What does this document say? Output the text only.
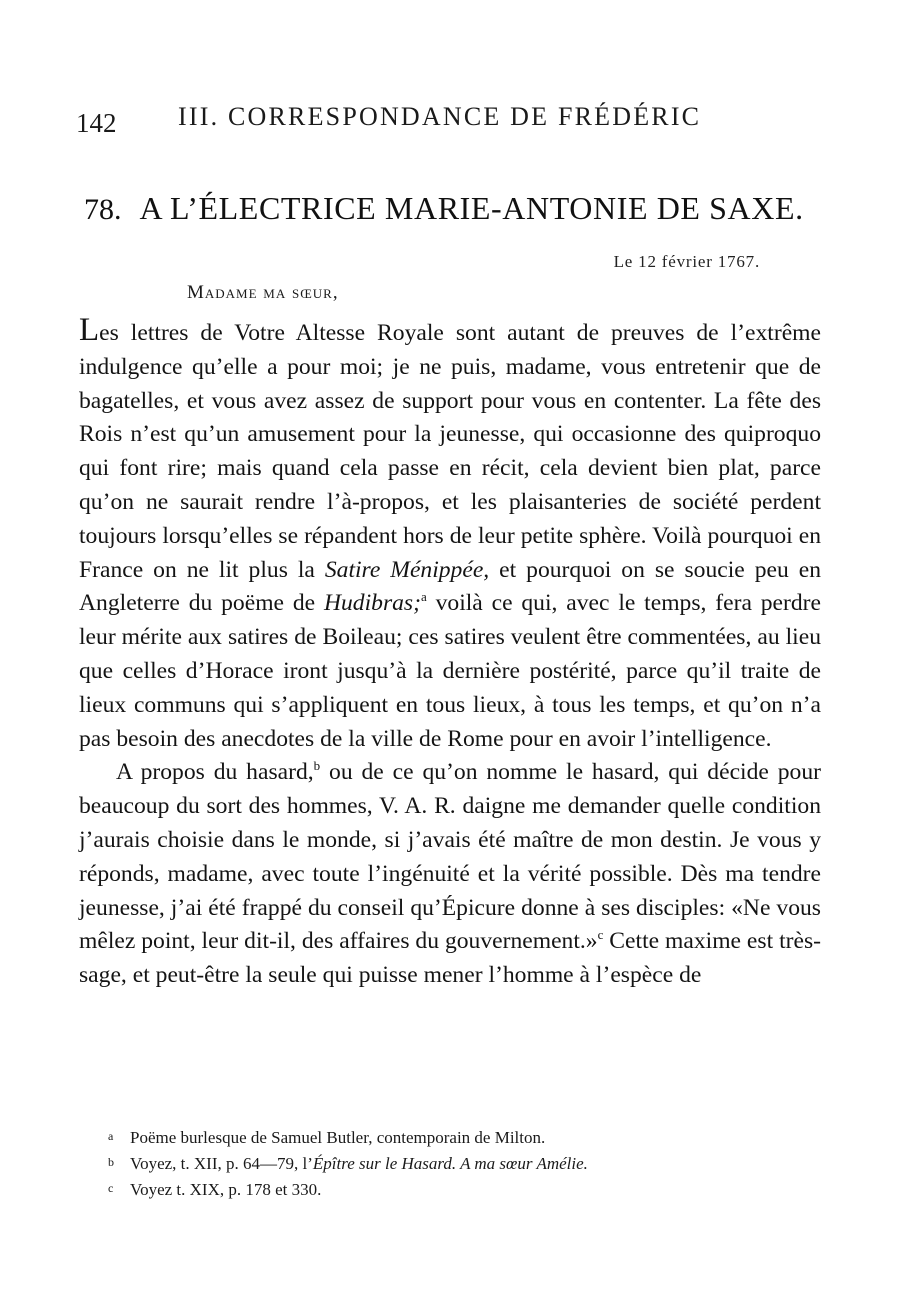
142 III. CORRESPONDANCE DE FRÉDÉRIC
78. A L’ÉLECTRICE MARIE-ANTONIE DE SAXE.
Le 12 février 1767.
Madame ma sœur,

Les lettres de Votre Altesse Royale sont autant de preuves de l’extrême indulgence qu’elle a pour moi; je ne puis, madame, vous entretenir que de bagatelles, et vous avez assez de support pour vous en contenter. La fête des Rois n’est qu’un amusement pour la jeunesse, qui occasionne des quiproquo qui font rire; mais quand cela passe en récit, cela devient bien plat, parce qu’on ne saurait rendre l’à-propos, et les plaisanteries de société perdent toujours lorsqu’elles se répandent hors de leur petite sphère. Voilà pourquoi en France on ne lit plus la Satire Ménippée, et pourquoi on se soucie peu en Angleterre du poëme de Hudibras;$^a$ voilà ce qui, avec le temps, fera perdre leur mérite aux satires de Boileau; ces satires veulent être commentées, au lieu que celles d’Horace iront jusqu’à la dernière postérité, parce qu’il traite de lieux communs qui s’appliquent en tous lieux, à tous les temps, et qu’on n’a pas besoin des anecdotes de la ville de Rome pour en avoir l’intelligence.

A propos du hasard,$^b$ ou de ce qu’on nomme le hasard, qui décide pour beaucoup du sort des hommes, V. A. R. daigne me demander quelle condition j’aurais choisie dans le monde, si j’avais été maître de mon destin. Je vous y réponds, madame, avec toute l’ingénuité et la vérité possible. Dès ma tendre jeunesse, j’ai été frappé du conseil qu’Épicure donne à ses disciples: «Ne vous mêlez point, leur dit-il, des affaires du gouvernement.»$^c$ Cette maxime est très-sage, et peut-être la seule qui puisse mener l’homme à l’espèce de

a Poëme burlesque de Samuel Butler, contemporain de Milton.
b Voyez, t. XII, p. 64—79, l’Épître sur le Hasard. A ma sœur Amélie.
c Voyez t. XIX, p. 178 et 330.
